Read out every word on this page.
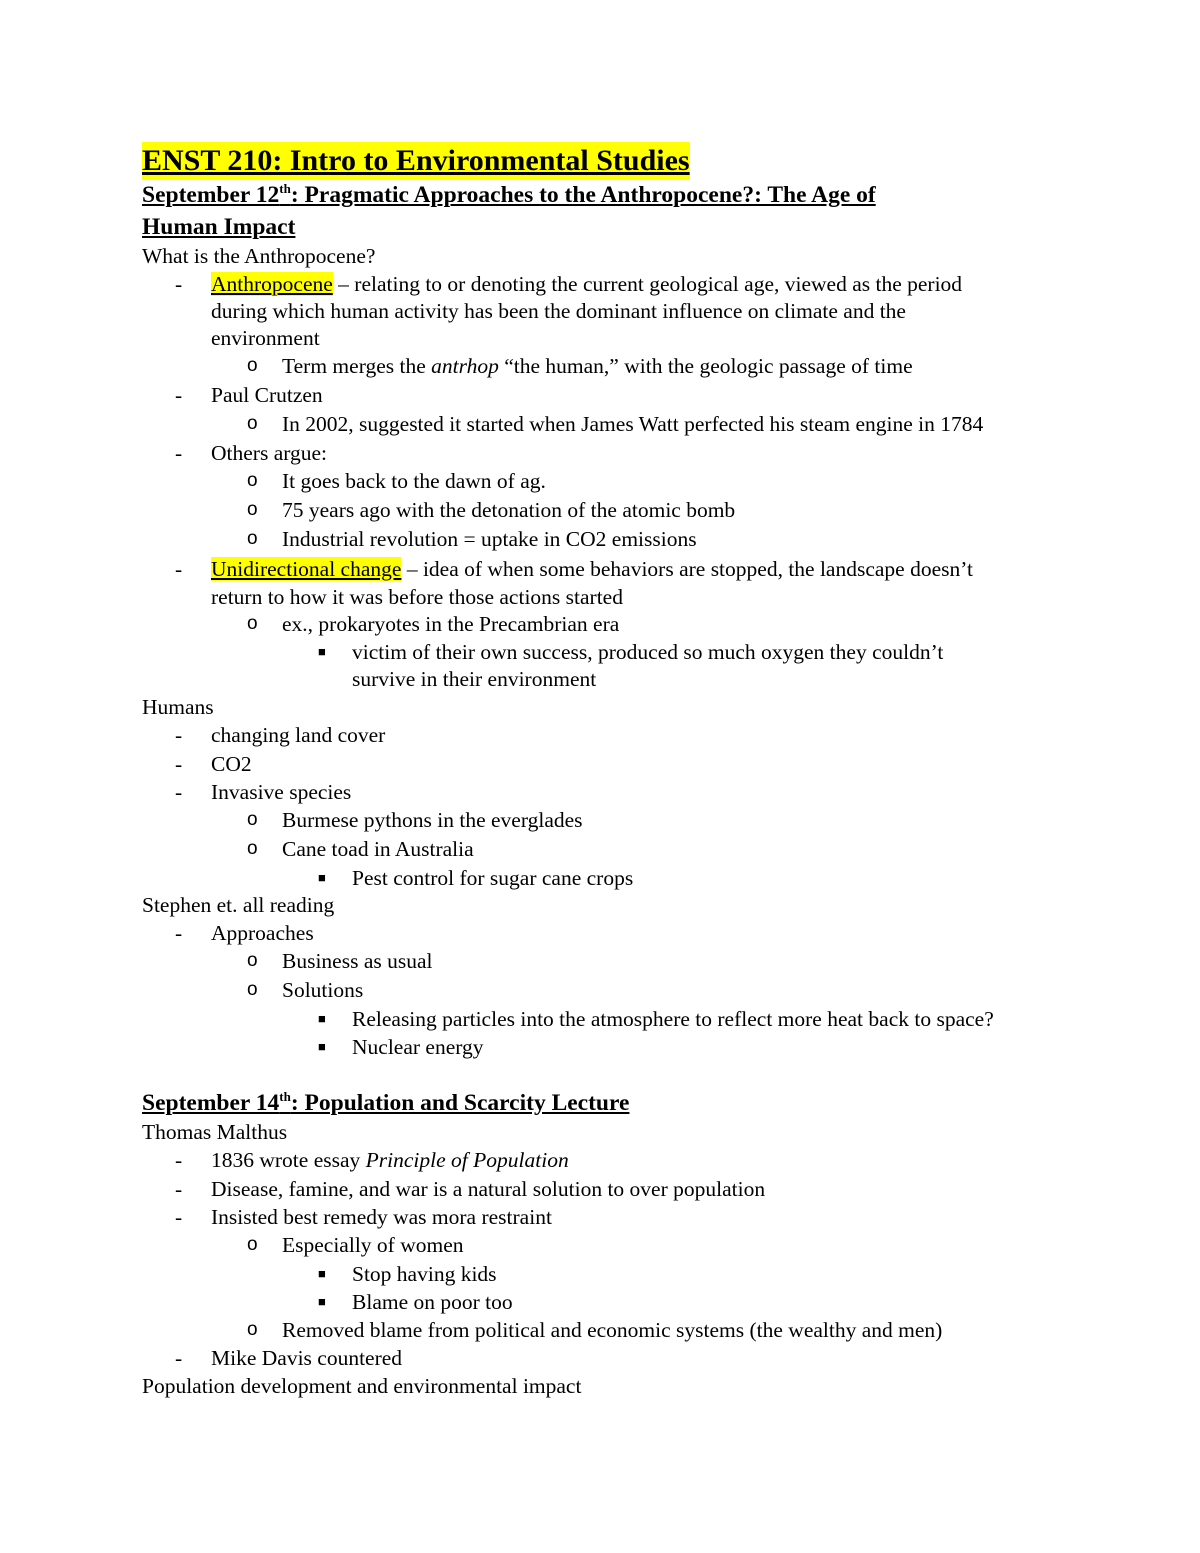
ENST 210: Intro to Environmental Studies
September 12th: Pragmatic Approaches to the Anthropocene?: The Age of
Human Impact
What is the Anthropocene?
- Anthropocene – relating to or denoting the current geological age, viewed as the period
during which human activity has been the dominant influence on climate and the
environment
o Term merges the antrhop “the human,” with the geologic passage of time
- Paul Crutzen
o In 2002, suggested it started when James Watt perfected his steam engine in 1784
- Others argue:
o It goes back to the dawn of ag.
o 75 years ago with the detonation of the atomic bomb
o Industrial revolution = uptake in CO2 emissions
- Unidirectional change – idea of when some behaviors are stopped, the landscape doesn’t
return to how it was before those actions started
o ex., prokaryotes in the Precambrian era
■ victim of their own success, produced so much oxygen they couldn’t
survive in their environment
Humans
- changing land cover
- CO2
- Invasive species
o Burmese pythons in the everglades
o Cane toad in Australia
■ Pest control for sugar cane crops
Stephen et. all reading
- Approaches
o Business as usual
o Solutions
■ Releasing particles into the atmosphere to reflect more heat back to space?
■ Nuclear energy
September 14th: Population and Scarcity Lecture
Thomas Malthus
- 1836 wrote essay Principle of Population
- Disease, famine, and war is a natural solution to over population
- Insisted best remedy was mora restraint
o Especially of women
■ Stop having kids
■ Blame on poor too
o Removed blame from political and economic systems (the wealthy and men)
- Mike Davis countered
Population development and environmental impact
